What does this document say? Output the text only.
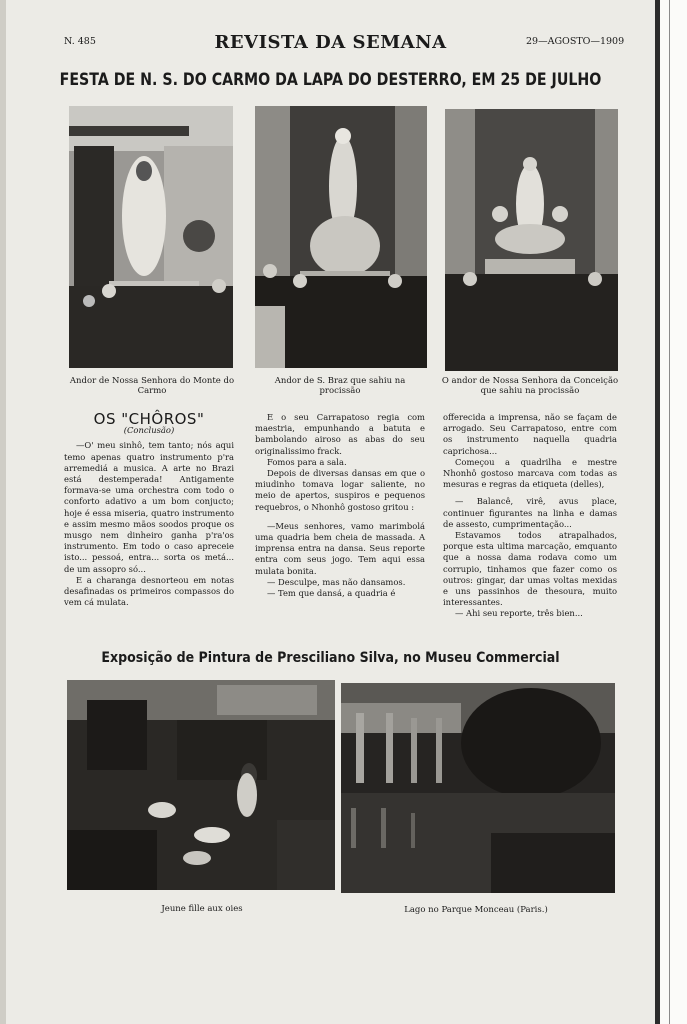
N. 485	REVISTA DA SEMANA	29—AGOSTO—1909
FESTA DE N. S. DO CARMO DA LAPA DO DESTERRO, EM 25 DE JULHO
Andor de Nossa Senhora do Monte do Carmo
Andor de S. Braz que sahiu na procissão
O andor de Nossa Senhora da Conceição que sahiu na procissão
OS "CHÔROS"
(Conclusão)

—O' meu sinhô, tem tanto; nós aqui temo apenas quatro instrumento p'ra arremediá a musica. A arte no Brazi está destemperada! Antigamente formava-se uma orchestra com todo o conforto adativo a um bom conjucto; hoje é essa miseria, quatro instrumento e assim mesmo mãos soodos proque os musgo nem dinheiro ganha p'ra'os instrumento. Em todo o caso apreceie isto... pessoá, entra... sorta os metá... de um assopro só...

E a charanga desnorteou em notas desafinadas os primeiros compassos do vem cá mulata.

E o seu Carrapatoso regia com maestria, empunhando a batuta e bambolando airoso as abas do seu originalissimo frack.

Fomos para a sala.

Depois de diversas dansas em que o miudinho tomava logar saliente, no meio de apertos, suspiros e pequenos requebros, o Nhonhô gostoso gritou :

—Meus senhores, vamo marimbolá uma quadria bem cheia de massada. A imprensa entra na dansa. Seus reporte entra com seus jogo. Tem aqui essa mulata bonita.

— Desculpe, mas não dansamos.

— Tem que dansá, a quadria é

offerecida a imprensa, não se façam de arrogado. Seu Carrapatoso, entre com os instrumento naquella quadria caprichosa...

Começou a quadrilha e mestre Nhonhô gostoso marcava com todas as mesuras e regras da etiqueta (delles),

— Balancê, virê, avus place, continuer figurantes na linha e damas de assesto, cumprimentação...

Estavamos todos atrapalhados, porque esta ultima marcação, emquanto que a nossa dama rodava como um corrupio, tinhamos que fazer como os outros: gingar, dar umas voltas mexidas e uns passinhos de thesoura, muito interessantes.

— Ahi seu reporte, três bien...

Exposição de Pintura de Presciliano Silva, no Museu Commercial
Jeune fille aux oies	Lago no Parque Monceau (Paris.)
